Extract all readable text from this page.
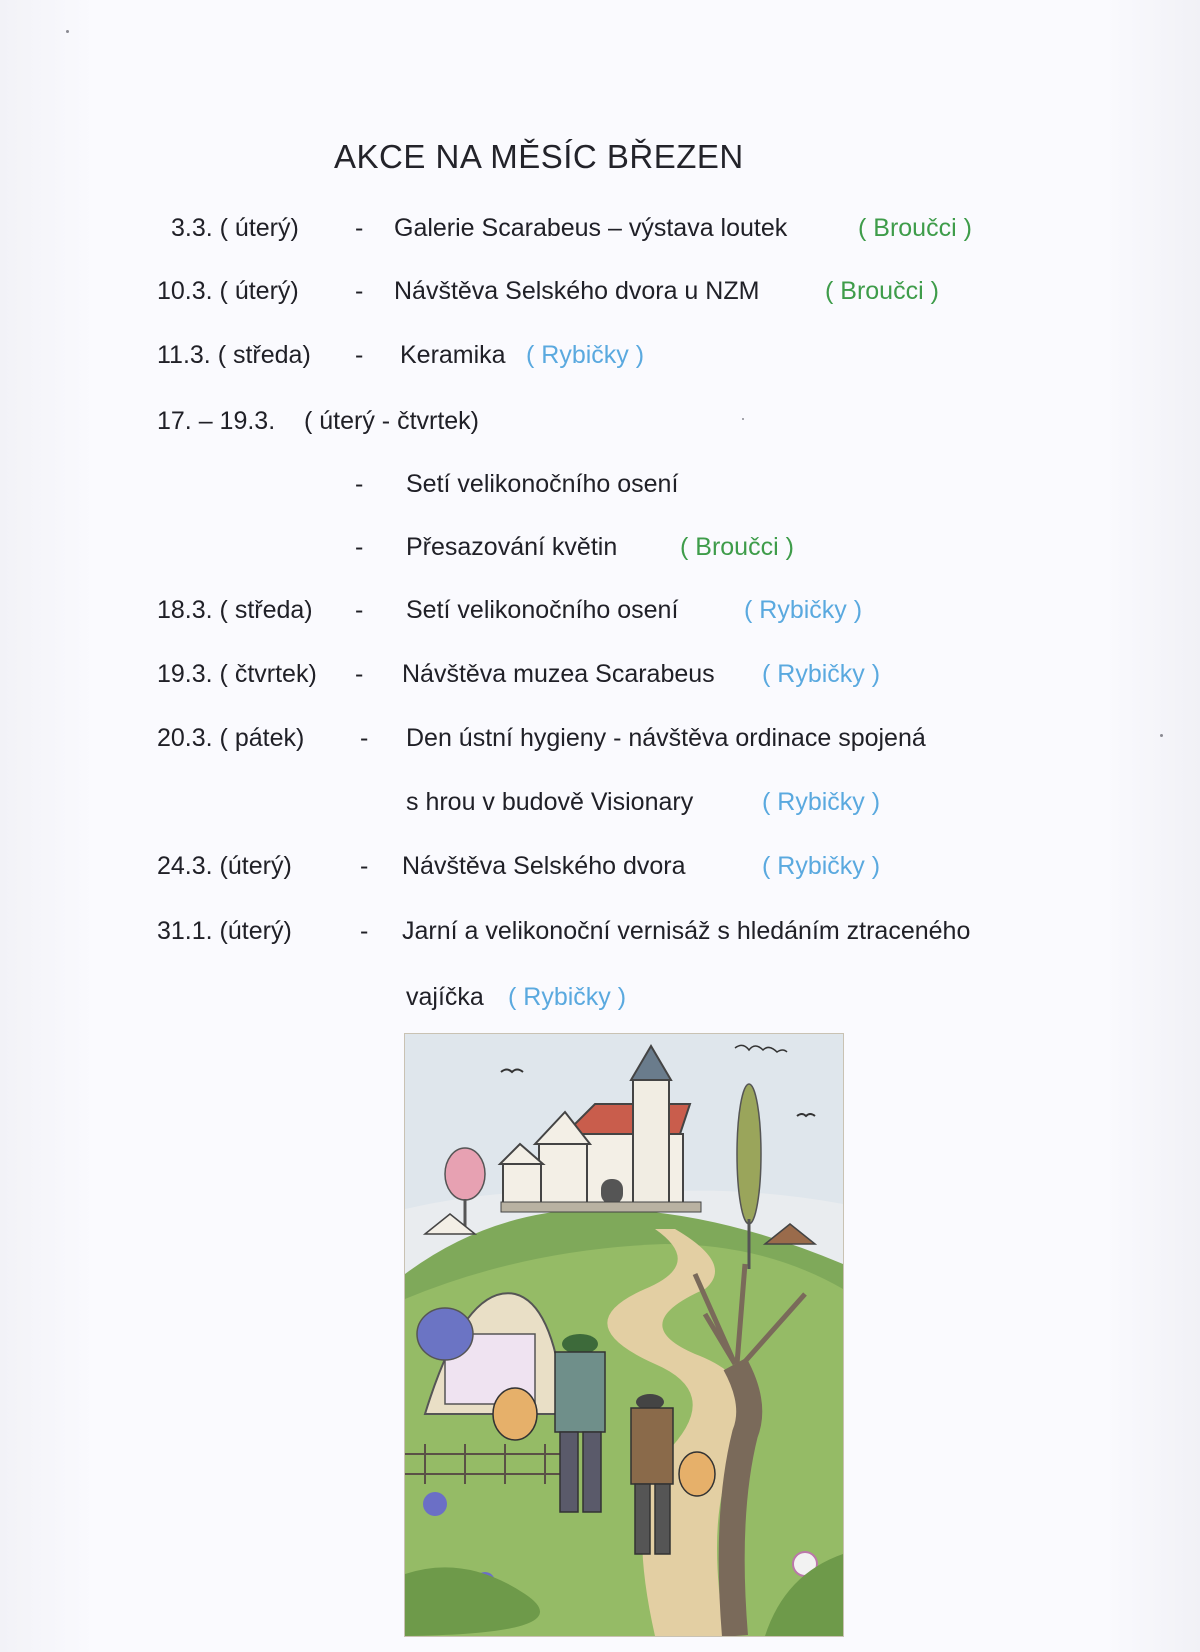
AKCE NA MĚSÍC BŘEZEN
3.3. ( úterý) - Galerie Scarabeus – výstava loutek	( Broučci )
10.3. ( úterý) - Návštěva Selského dvora u NZM	( Broučci )
11.3. ( středa) - Keramika ( Rybičky )
17. – 19.3. ( úterý - čtvrtek)
- Setí velikonočního osení
- Přesazování květin	( Broučci )
18.3. ( středa) - Setí velikonočního osení	( Rybičky )
19.3. ( čtvrtek) - Návštěva muzea Scarabeus ( Rybičky )
20.3. ( pátek) - Den ústní hygieny - návštěva ordinace spojená
s hrou v budově Visionary	( Rybičky )
24.3. (úterý)	- Návštěva Selského dvora	( Rybičky )
31.1. (úterý)	- Jarní a velikonoční vernisáž s hledáním ztraceného
vajíčka ( Rybičky )
